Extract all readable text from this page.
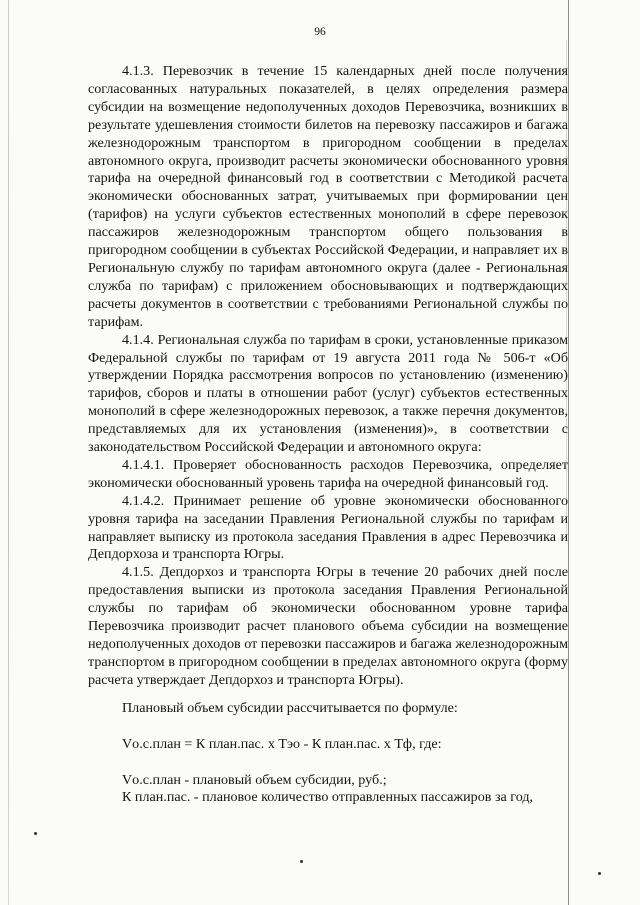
96

4.1.3. Перевозчик в течение 15 календарных дней после получения согласованных натуральных показателей, в целях определения размера субсидии на возмещение недополученных доходов Перевозчика, возникших в результате удешевления стоимости билетов на перевозку пассажиров и багажа железнодорожным транспортом в пригородном сообщении в пределах автономного округа, производит расчеты экономически обоснованного уровня тарифа на очередной финансовый год в соответствии с Методикой расчета экономически обоснованных затрат, учитываемых при формировании цен (тарифов) на услуги субъектов естественных монополий в сфере перевозок пассажиров железнодорожным транспортом общего пользования в пригородном сообщении в субъектах Российской Федерации, и направляет их в Региональную службу по тарифам автономного округа (далее - Региональная служба по тарифам) с приложением обосновывающих и подтверждающих расчеты документов в соответствии с требованиями Региональной службы по тарифам.

4.1.4. Региональная служба по тарифам в сроки, установленные приказом Федеральной службы по тарифам от 19 августа 2011 года № 506-т «Об утверждении Порядка рассмотрения вопросов по установлению (изменению) тарифов, сборов и платы в отношении работ (услуг) субъектов естественных монополий в сфере железнодорожных перевозок, а также перечня документов, представляемых для их установления (изменения)», в соответствии с законодательством Российской Федерации и автономного округа:

4.1.4.1. Проверяет обоснованность расходов Перевозчика, определяет экономически обоснованный уровень тарифа на очередной финансовый год.

4.1.4.2. Принимает решение об уровне экономически обоснованного уровня тарифа на заседании Правления Региональной службы по тарифам и направляет выписку из протокола заседания Правления в адрес Перевозчика и Депдорхоза и транспорта Югры.

4.1.5. Депдорхоз и транспорта Югры в течение 20 рабочих дней после предоставления выписки из протокола заседания Правления Региональной службы по тарифам об экономически обоснованном уровне тарифа Перевозчика производит расчет планового объема субсидии на возмещение недополученных доходов от перевозки пассажиров и багажа железнодорожным транспортом в пригородном сообщении в пределах автономного округа (форму расчета утверждает Депдорхоз и транспорта Югры).

Плановый объем субсидии рассчитывается по формуле:

Vо.с.план = К план.пас. х Тэо - К план.пас. х Тф, где:

Vо.с.план - плановый объем субсидии, руб.;

К план.пас. - плановое количество отправленных пассажиров за год,
